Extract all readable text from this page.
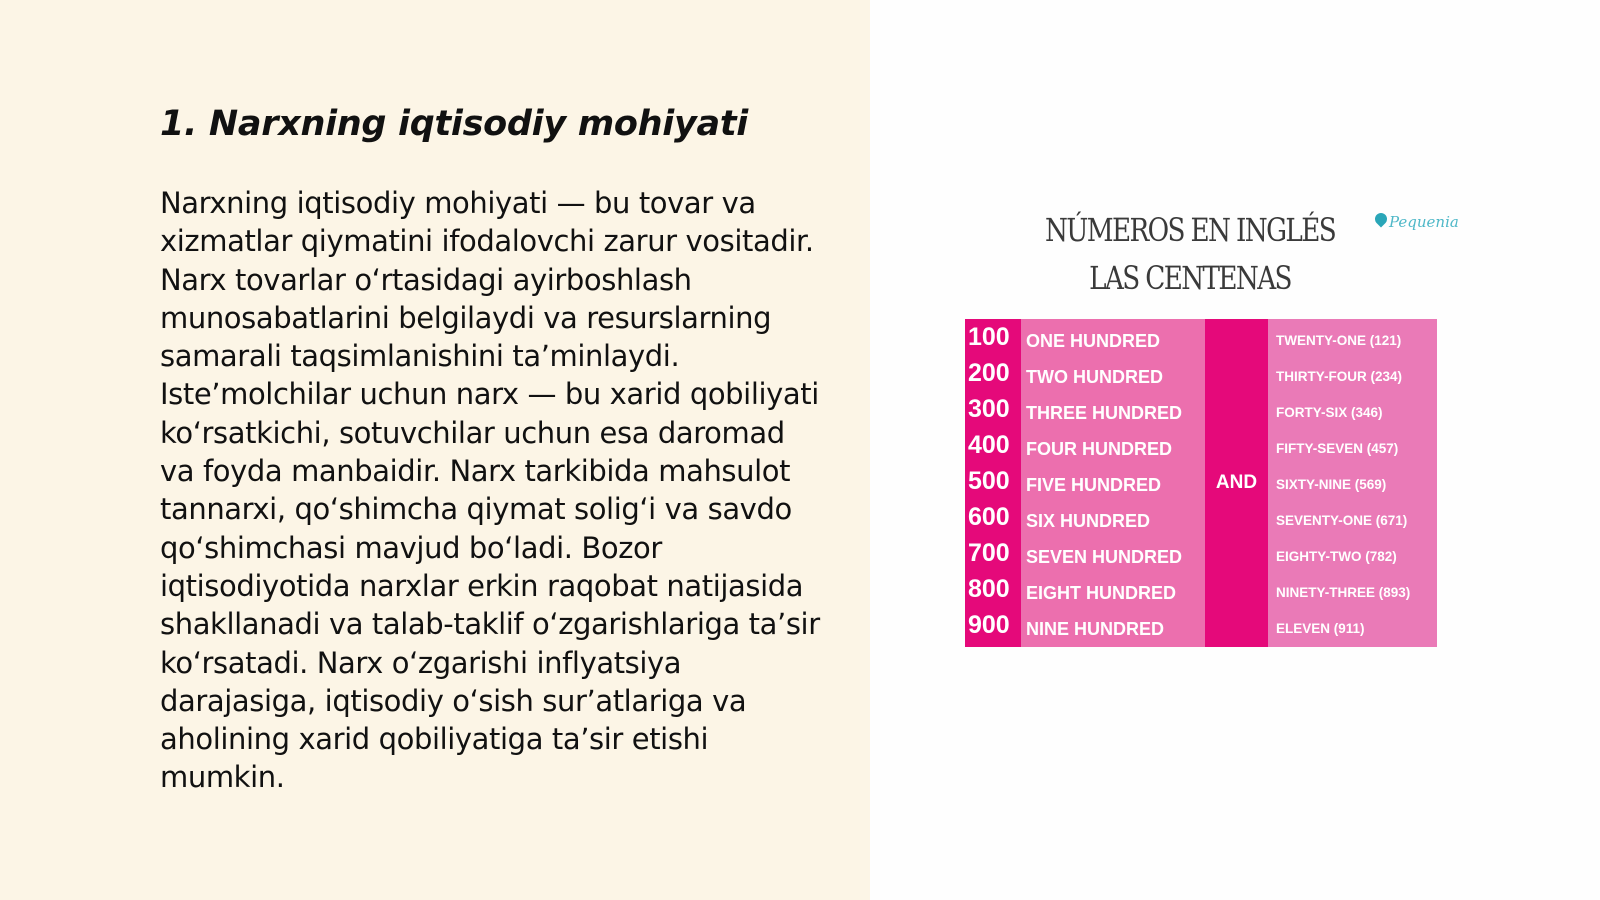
1. Narxning iqtisodiy mohiyati

Narxning iqtisodiy mohiyati — bu tovar va xizmatlar qiymatini ifodalovchi zarur vositadir. Narx tovarlar oʻrtasidagi ayirboshlash munosabatlarini belgilaydi va resurslarning samarali taqsimlanishini taʼminlaydi. Isteʼmolchilar uchun narx — bu xarid qobiliyati koʻrsatkichi, sotuvchilar uchun esa daromad va foyda manbaidir. Narx tarkibida mahsulot tannarxi, qoʻshimcha qiymat soligʻi va savdo qoʻshimchasi mavjud boʻladi. Bozor iqtisodiyotida narxlar erkin raqobat natijasida shakllanadi va talab-taklif oʻzgarishlariga taʼsir koʻrsatadi. Narx oʻzgarishi inflyatsiya darajasiga, iqtisodiy oʻsish surʼatlariga va aholining xarid qobiliyatiga taʼsir etishi mumkin.

NÚMEROS EN INGLÉS
LAS CENTENAS
Pequenia
AND
100 ONE HUNDRED	TWENTY-ONE (121)
200 TWO HUNDRED	THIRTY-FOUR (234)
300 THREE HUNDRED	FORTY-SIX (346)
400 FOUR HUNDRED	FIFTY-SEVEN (457)
500 FIVE HUNDRED	SIXTY-NINE (569)
600 SIX HUNDRED	SEVENTY-ONE (671)
700 SEVEN HUNDRED	EIGHTY-TWO (782)
800 EIGHT HUNDRED	NINETY-THREE (893)
900 NINE HUNDRED	ELEVEN (911)
